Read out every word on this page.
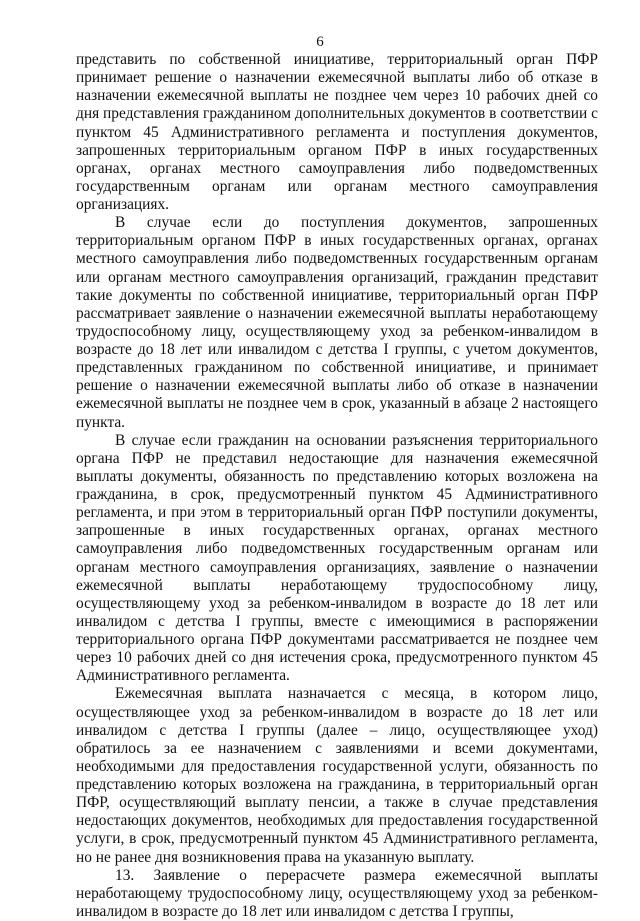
6

представить по собственной инициативе, территориальный орган ПФР принимает решение о назначении ежемесячной выплаты либо об отказе в назначении ежемесячной выплаты не позднее чем через 10 рабочих дней со дня представления гражданином дополнительных документов в соответствии с пунктом 45 Административного регламента и поступления документов, запрошенных территориальным органом ПФР в иных государственных органах, органах местного самоуправления либо подведомственных государственным органам или органам местного самоуправления организациях.

В случае если до поступления документов, запрошенных территориальным органом ПФР в иных государственных органах, органах местного самоуправления либо подведомственных государственным органам или органам местного самоуправления организаций, гражданин представит такие документы по собственной инициативе, территориальный орган ПФР рассматривает заявление о назначении ежемесячной выплаты неработающему трудоспособному лицу, осуществляющему уход за ребенком-инвалидом в возрасте до 18 лет или инвалидом с детства I группы, с учетом документов, представленных гражданином по собственной инициативе, и принимает решение о назначении ежемесячной выплаты либо об отказе в назначении ежемесячной выплаты не позднее чем в срок, указанный в абзаце 2 настоящего пункта.

В случае если гражданин на основании разъяснения территориального органа ПФР не представил недостающие для назначения ежемесячной выплаты документы, обязанность по представлению которых возложена на гражданина, в срок, предусмотренный пунктом 45 Административного регламента, и при этом в территориальный орган ПФР поступили документы, запрошенные в иных государственных органах, органах местного самоуправления либо подведомственных государственным органам или органам местного самоуправления организациях, заявление о назначении ежемесячной выплаты неработающему трудоспособному лицу, осуществляющему уход за ребенком-инвалидом в возрасте до 18 лет или инвалидом с детства I группы, вместе с имеющимися в распоряжении территориального органа ПФР документами рассматривается не позднее чем через 10 рабочих дней со дня истечения срока, предусмотренного пунктом 45 Административного регламента.

Ежемесячная выплата назначается с месяца, в котором лицо, осуществляющее уход за ребенком-инвалидом в возрасте до 18 лет или инвалидом с детства I группы (далее – лицо, осуществляющее уход) обратилось за ее назначением с заявлениями и всеми документами, необходимыми для предоставления государственной услуги, обязанность по представлению которых возложена на гражданина, в территориальный орган ПФР, осуществляющий выплату пенсии, а также в случае представления недостающих документов, необходимых для предоставления государственной услуги, в срок, предусмотренный пунктом 45 Административного регламента, но не ранее дня возникновения права на указанную выплату.

13. Заявление о перерасчете размера ежемесячной выплаты неработающему трудоспособному лицу, осуществляющему уход за ребенком-инвалидом в возрасте до 18 лет или инвалидом с детства I группы,
